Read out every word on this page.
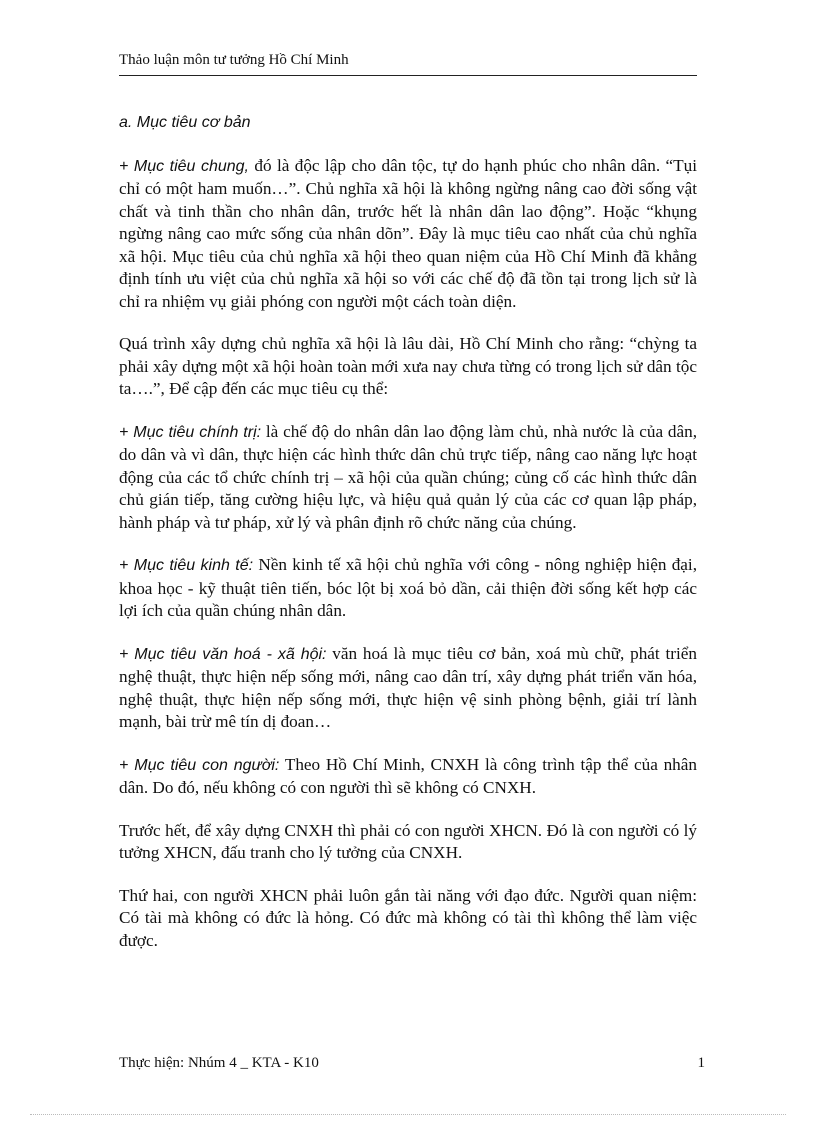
Thảo luận môn tư tưởng Hồ Chí Minh
a. Mục tiêu cơ bản

+ Mục tiêu chung, đó là độc lập cho dân tộc, tự do hạnh phúc cho nhân dân. “Tụi chỉ có một ham muốn…”. Chủ nghĩa xã hội là không ngừng nâng cao đời sống vật chất và tinh thần cho nhân dân, trước hết là nhân dân lao động”. Hoặc “khụng ngừng nâng cao mức sống của nhân dõn”. Đây là mục tiêu cao nhất của chủ nghĩa xã hội. Mục tiêu của chủ nghĩa xã hội theo quan niệm của Hồ Chí Minh đã khẳng định tính ưu việt của chủ nghĩa xã hội so với các chế độ đã tồn tại trong lịch sử là chỉ ra nhiệm vụ giải phóng con người một cách toàn diện.

Quá trình xây dựng chủ nghĩa xã hội là lâu dài, Hồ Chí Minh cho rằng: “chỳng ta phải xây dựng một xã hội hoàn toàn mới xưa nay chưa từng có trong lịch sử dân tộc ta….”, Để cập đến các mục tiêu cụ thể:

+ Mục tiêu chính trị: là chế độ do nhân dân lao động làm chủ, nhà nước là của dân, do dân và vì dân, thực hiện các hình thức dân chủ trực tiếp, nâng cao năng lực hoạt động của các tổ chức chính trị – xã hội của quần chúng; củng cố các hình thức dân chủ gián tiếp, tăng cường hiệu lực, và hiệu quả quản lý của các cơ quan lập pháp, hành pháp và tư pháp, xử lý và phân định rõ chức năng của chúng.

+ Mục tiêu kinh tế: Nền kinh tế xã hội chủ nghĩa với công - nông nghiệp hiện đại, khoa học - kỹ thuật tiên tiến, bóc lột bị xoá bỏ dần, cải thiện đời sống kết hợp các lợi ích của quần chúng nhân dân.

+ Mục tiêu văn hoá - xã hội: văn hoá là mục tiêu cơ bản, xoá mù chữ, phát triển nghệ thuật, thực hiện nếp sống mới, nâng cao dân trí, xây dựng phát triển văn hóa, nghệ thuật, thực hiện nếp sống mới, thực hiện vệ sinh phòng bệnh, giải trí lành mạnh, bài trừ mê tín dị đoan…

+ Mục tiêu con người: Theo Hồ Chí Minh, CNXH là công trình tập thể của nhân dân. Do đó, nếu không có con người thì sẽ không có CNXH.

Trước hết, để xây dựng CNXH thì phải có con người XHCN. Đó là con người có lý tưởng XHCN, đấu tranh cho lý tưởng của CNXH.

Thứ hai, con người XHCN phải luôn gắn tài năng với đạo đức. Người quan niệm: Có tài mà không có đức là hỏng. Có đức mà không có tài thì không thể làm việc được.

Thực hiện: Nhúm 4 _ KTA - K10	1
